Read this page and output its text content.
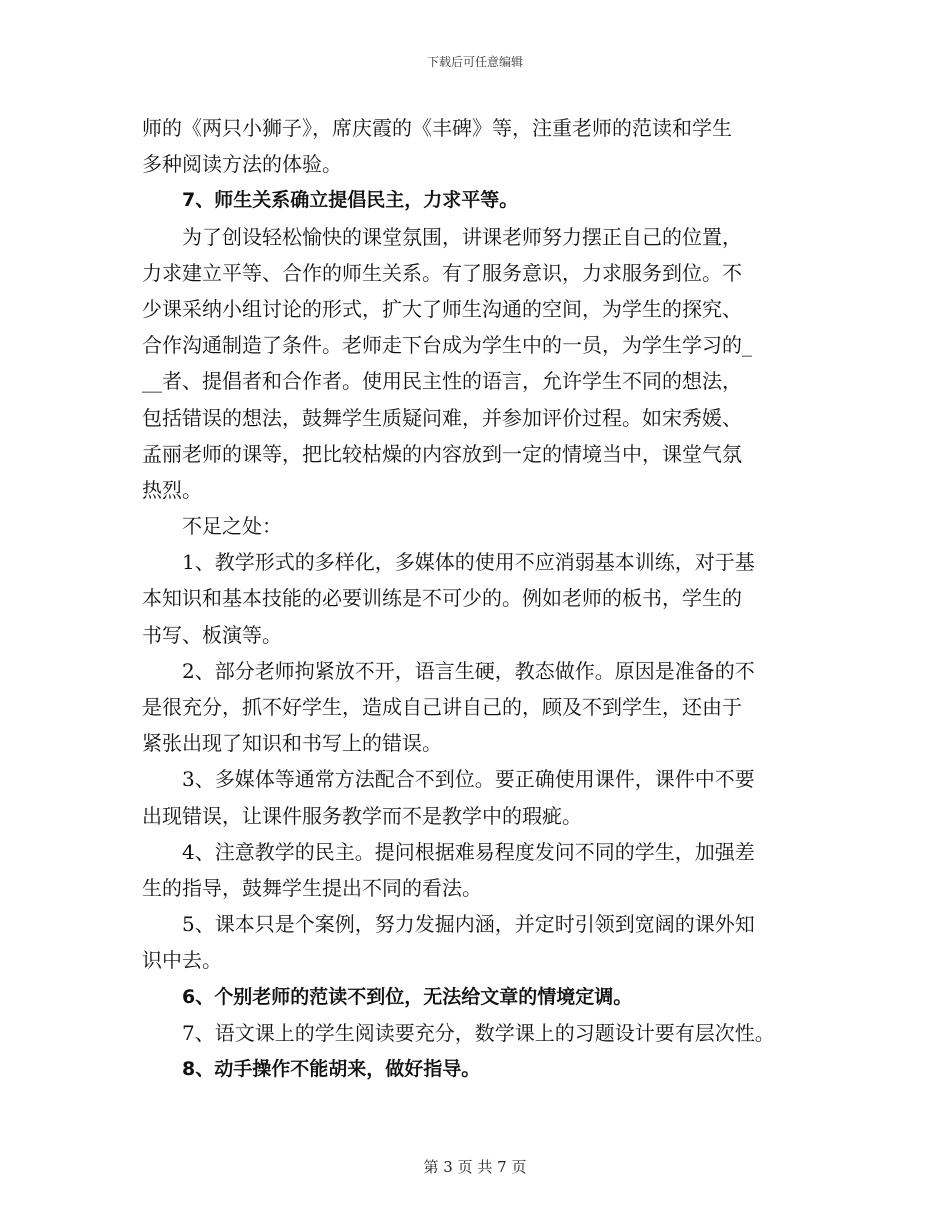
下载后可任意编辑
师的《两只小狮子》，席庆霞的《丰碑》等，注重老师的范读和学生
多种阅读方法的体验。
7、师生关系确立提倡民主，力求平等。
为了创设轻松愉快的课堂氛围，讲课老师努力摆正自己的位置，
力求建立平等、合作的师生关系。有了服务意识，力求服务到位。不
少课采纳小组讨论的形式，扩大了师生沟通的空间，为学生的探究、
合作沟通制造了条件。老师走下台成为学生中的一员，为学生学习的_
__者、提倡者和合作者。使用民主性的语言，允许学生不同的想法，
包括错误的想法，鼓舞学生质疑问难，并参加评价过程。如宋秀媛、
孟丽老师的课等，把比较枯燥的内容放到一定的情境当中，课堂气氛
热烈。
不足之处：
1、教学形式的多样化，多媒体的使用不应消弱基本训练，对于基
本知识和基本技能的必要训练是不可少的。例如老师的板书，学生的
书写、板演等。
2、部分老师拘紧放不开，语言生硬，教态做作。原因是准备的不
是很充分，抓不好学生，造成自己讲自己的，顾及不到学生，还由于
紧张出现了知识和书写上的错误。
3、多媒体等通常方法配合不到位。要正确使用课件，课件中不要
出现错误，让课件服务教学而不是教学中的瑕疵。
4、注意教学的民主。提问根据难易程度发问不同的学生，加强差
生的指导，鼓舞学生提出不同的看法。
5、课本只是个案例，努力发掘内涵，并定时引领到宽阔的课外知
识中去。
6、个别老师的范读不到位，无法给文章的情境定调。
7、语文课上的学生阅读要充分，数学课上的习题设计要有层次性。
8、动手操作不能胡来，做好指导。
第 3 页 共 7 页
